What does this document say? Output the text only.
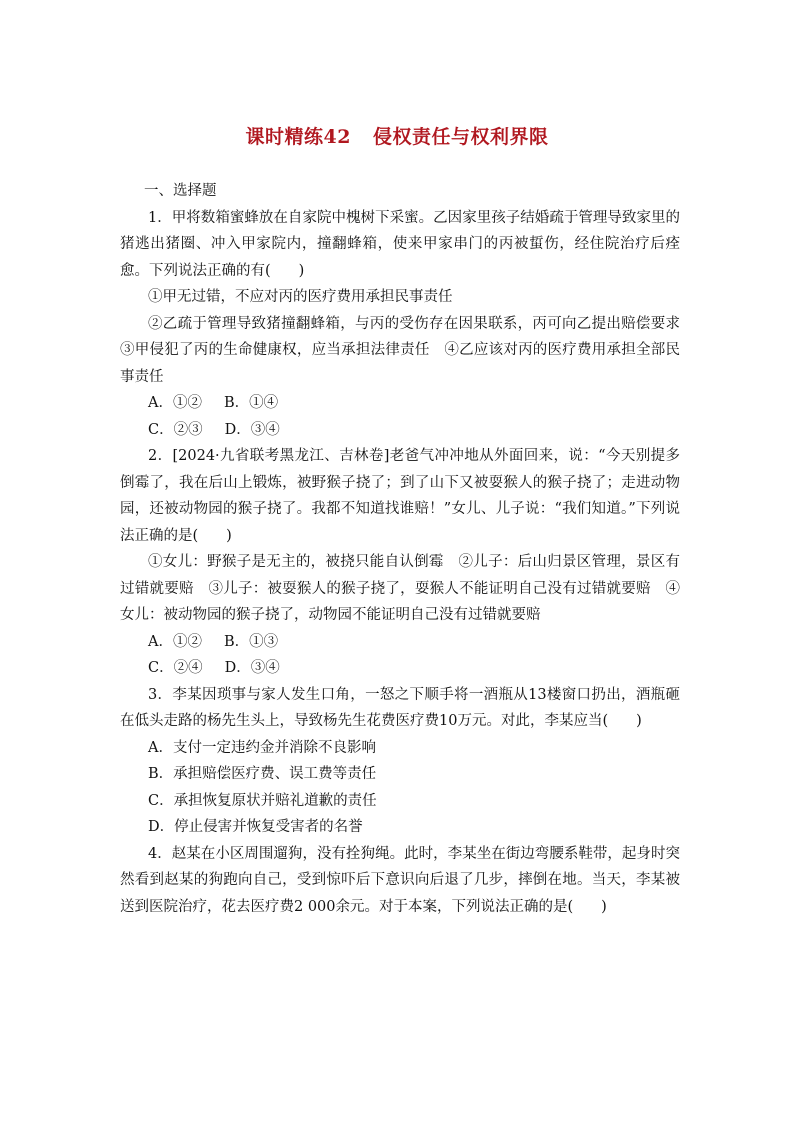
课时精练42 侵权责任与权利界限

一、选择题

1．甲将数箱蜜蜂放在自家院中槐树下采蜜。乙因家里孩子结婚疏于管理导致家里的猪逃出猪圈、冲入甲家院内，撞翻蜂箱，使来甲家串门的丙被蜇伤，经住院治疗后痊愈。下列说法正确的有( )

①甲无过错，不应对丙的医疗费用承担民事责任

②乙疏于管理导致猪撞翻蜂箱，与丙的受伤存在因果联系，丙可向乙提出赔偿要求　③甲侵犯了丙的生命健康权，应当承担法律责任　④乙应该对丙的医疗费用承担全部民事责任

A．①② B．①④

C．②③ D．③④

2．[2024·九省联考黑龙江、吉林卷]老爸气冲冲地从外面回来，说：“今天别提多倒霉了，我在后山上锻炼，被野猴子挠了；到了山下又被耍猴人的猴子挠了；走进动物园，还被动物园的猴子挠了。我都不知道找谁赔！”女儿、儿子说：“我们知道。”下列说法正确的是( )

①女儿：野猴子是无主的，被挠只能自认倒霉　②儿子：后山归景区管理，景区有过错就要赔　③儿子：被耍猴人的猴子挠了，耍猴人不能证明自己没有过错就要赔　④女儿：被动物园的猴子挠了，动物园不能证明自己没有过错就要赔

A．①② B．①③

C．②④ D．③④

3．李某因琐事与家人发生口角，一怒之下顺手将一酒瓶从13楼窗口扔出，酒瓶砸在低头走路的杨先生头上，导致杨先生花费医疗费10万元。对此，李某应当( )

A．支付一定违约金并消除不良影响

B．承担赔偿医疗费、误工费等责任

C．承担恢复原状并赔礼道歉的责任

D．停止侵害并恢复受害者的名誉

4．赵某在小区周围遛狗，没有拴狗绳。此时，李某坐在街边弯腰系鞋带，起身时突然看到赵某的狗跑向自己，受到惊吓后下意识向后退了几步，摔倒在地。当天，李某被送到医院治疗，花去医疗费2 000余元。对于本案，下列说法正确的是( )
